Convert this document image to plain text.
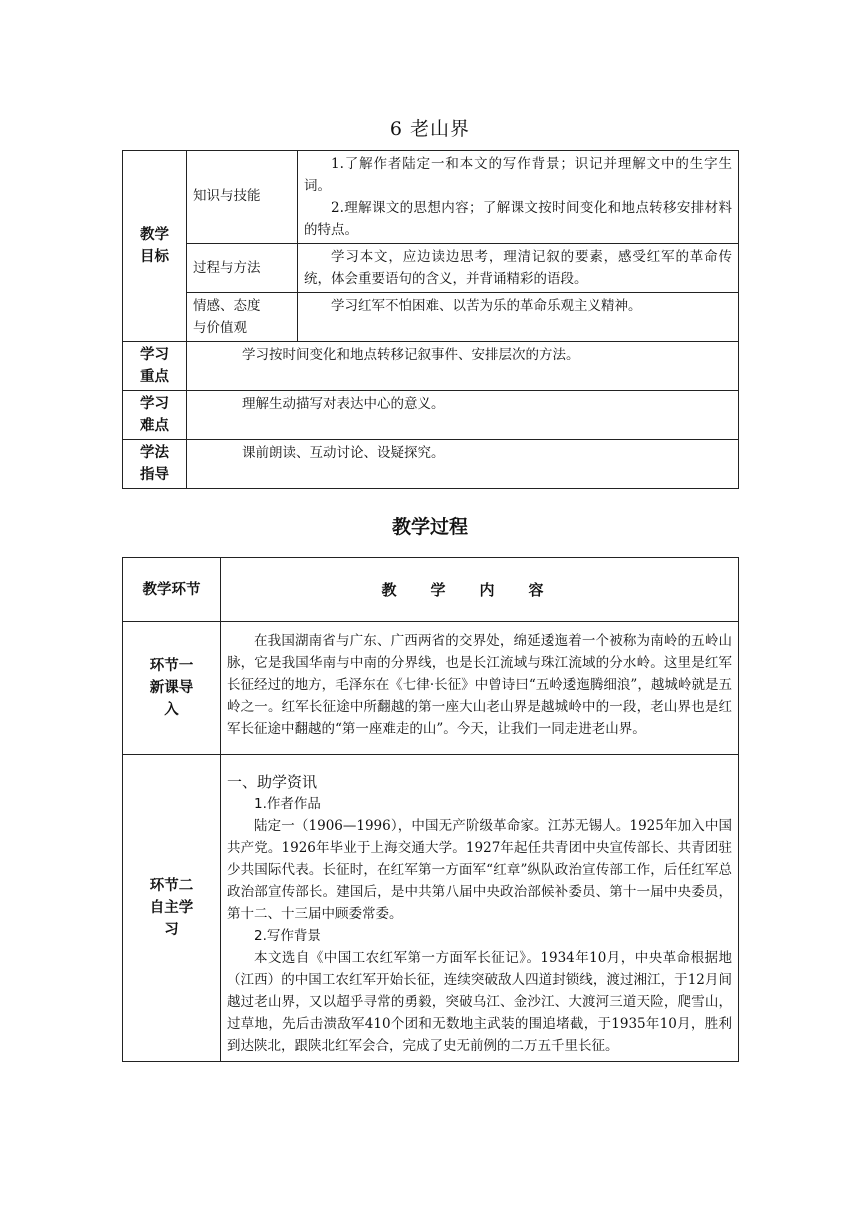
6 老山界
教学目标	知识与技能	1.了解作者陆定一和本文的写作背景；识记并理解文中的生字生词。

2.理解课文的思想内容；了解课文按时间变化和地点转移安排材料的特点。

	过程与方法	学习本文，应边读边思考，理清记叙的要素，感受红军的革命传统，体会重要语句的含义，并背诵精彩的语段。

	情感、态度与价值观	学习红军不怕困难、以苦为乐的革命乐观主义精神。

学习重点	学习按时间变化和地点转移记叙事件、安排层次的方法。	

学习难点	理解生动描写对表达中心的意义。	

学法指导	课前朗读、互动讨论、设疑探究。	

教学过程
教学环节	教学内容

环节一新课导入	在我国湖南省与广东、广西两省的交界处，绵延逶迤着一个被称为南岭的五岭山脉，它是我国华南与中南的分界线，也是长江流域与珠江流域的分水岭。这里是红军长征经过的地方，毛泽东在《七律·长征》中曾诗曰“五岭逶迤腾细浪”，越城岭就是五岭之一。红军长征途中所翻越的第一座大山老山界是越城岭中的一段，老山界也是红军长征途中翻越的“第一座难走的山”。今天，让我们一同走进老山界。

环节二自主学习	一、助学资讯

1.作者作品

陆定一（1906—1996），中国无产阶级革命家。江苏无锡人。1925年加入中国共产党。1926年毕业于上海交通大学。1927年起任共青团中央宣传部长、共青团驻少共国际代表。长征时，在红军第一方面军“红章”纵队政治宣传部工作，后任红军总政治部宣传部长。建国后，是中共第八届中央政治部候补委员、第十一届中央委员，第十二、十三届中顾委常委。

2.写作背景

本文选自《中国工农红军第一方面军长征记》。1934年10月，中央革命根据地（江西）的中国工农红军开始长征，连续突破敌人四道封锁线，渡过湘江，于12月间越过老山界，又以超乎寻常的勇毅，突破乌江、金沙江、大渡河三道天险，爬雪山，过草地，先后击溃敌军410个团和无数地主武装的围追堵截，于1935年10月，胜利到达陕北，跟陕北红军会合，完成了史无前例的二万五千里长征。
